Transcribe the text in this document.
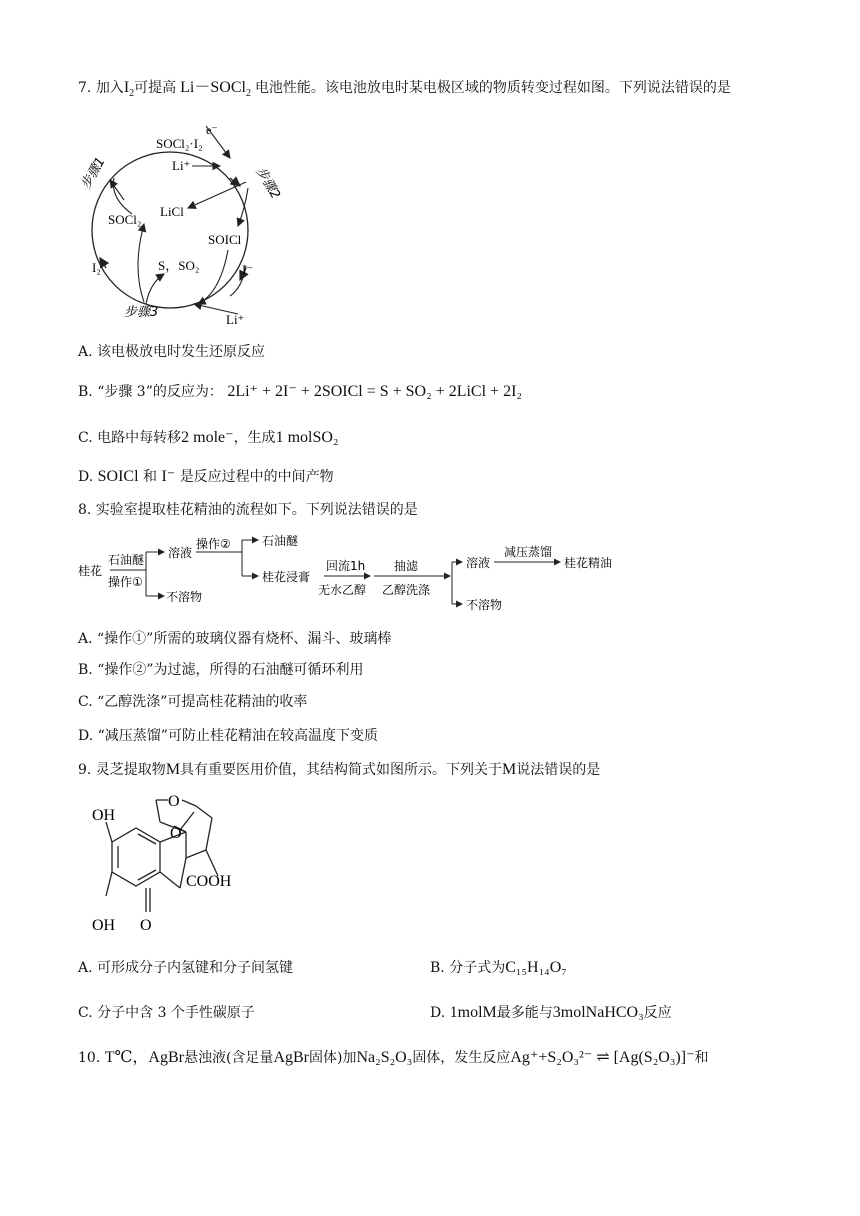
7. 加入$I_2$可提高 Li－SOCl$_2$ 电池性能。该电池放电时某电极区域的物质转变过程如图。下列说法错误的是
e⁻
SOCl₂·I₂
Li⁺
LiCl
SOCl₂
SOICl
S，SO₂
I₂	I⁻
Li⁺
步骤1	步骤2
步骤3
A. 该电极放电时发生还原反应
B. “步骤 3”的反应为： 2Li⁺ + 2I⁻ + 2SOICl = S + SO₂ + 2LiCl + 2I₂
C. 电路中每转移2 mole⁻，生成1 molSO₂
D. SOICl 和 I⁻ 是反应过程中的中间产物
8. 实验室提取桂花精油的流程如下。下列说法错误的是
桂花
石油醚
操作①
溶液
操作②
不溶物
石油醚
桂花浸膏
回流1h
无水乙醇
抽滤
乙醇洗涤
溶液
减压蒸馏
桂花精油
不溶物
A. “操作①”所需的玻璃仪器有烧杯、漏斗、玻璃棒
B. “操作②”为过滤，所得的石油醚可循环利用
C. “乙醇洗涤”可提高桂花精油的收率
D. “减压蒸馏”可防止桂花精油在较高温度下变质
9. 灵芝提取物M具有重要医用价值，其结构简式如图所示。下列关于M说法错误的是
OH
OH O
O
O
COOH
A. 可形成分子内氢键和分子间氢键	B. 分子式为C₁₅H₁₄O₇
C. 分子中含 3 个手性碳原子	D. 1molM最多能与3molNaHCO₃反应
10. T℃，AgBr悬浊液(含足量AgBr固体)加Na₂S₂O₃固体，发生反应Ag⁺+S₂O₃²⁻ ⇌ [Ag(S₂O₃)]⁻和
